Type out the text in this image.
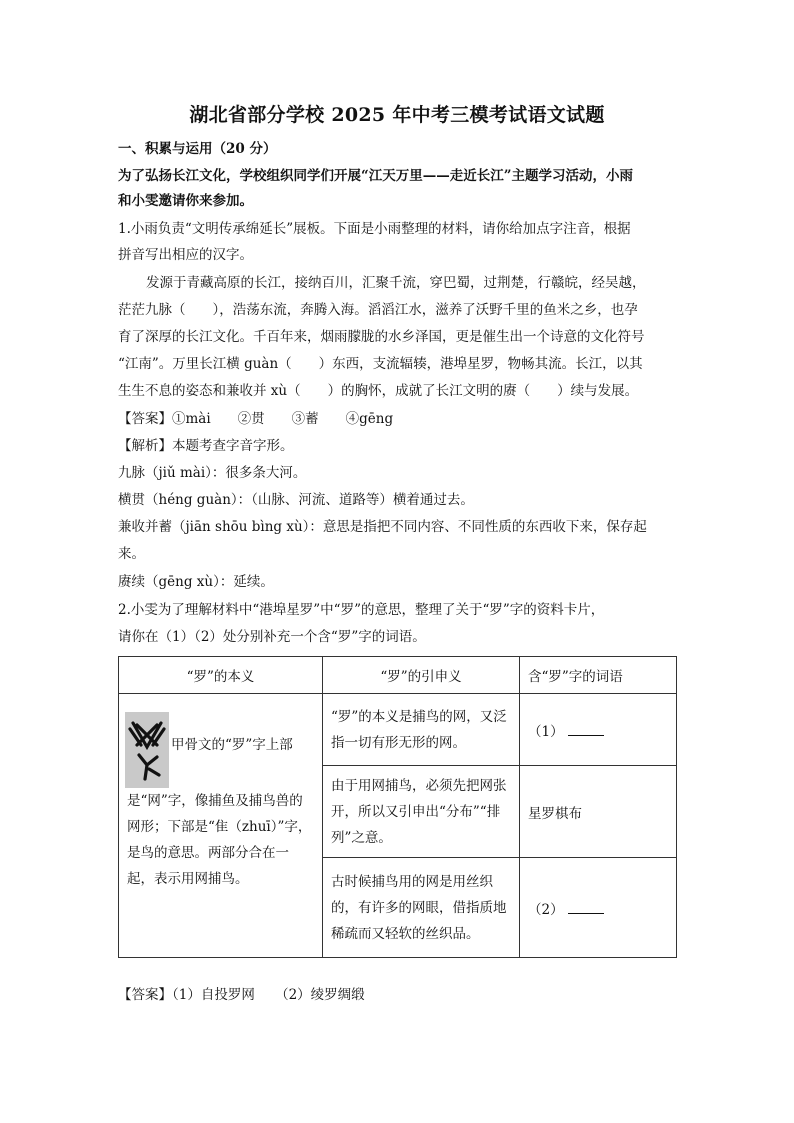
湖北省部分学校 2025 年中考三模考试语文试题
一、积累与运用（20 分）
为了弘扬长江文化，学校组织同学们开展“江天万里——走近长江”主题学习活动，小雨
和小雯邀请你来参加。
1.小雨负责“文明传承绵延长”展板。下面是小雨整理的材料，请你给加点字注音，根据
拼音写出相应的汉字。
发源于青藏高原的长江，接纳百川，汇聚千流，穿巴蜀，过荆楚，行赣皖，经吴越，
茫茫九脉（　　），浩荡东流，奔腾入海。滔滔江水，滋养了沃野千里的鱼米之乡，也孕
育了深厚的长江文化。千百年来，烟雨朦胧的水乡泽国，更是催生出一个诗意的文化符号
“江南”。万里长江横 guàn（　　）东西，支流辐辏，港埠星罗，物畅其流。长江，以其
生生不息的姿态和兼收并 xù（　　）的胸怀，成就了长江文明的赓（　　）续与发展。
【答案】①mài　　②贯　　③蓄　　④gēng
【解析】本题考查字音字形。
九脉（jiǔ mài）：很多条大河。
横贯（héng guàn）：（山脉、河流、道路等）横着通过去。
兼收并蓄（jiān shōu bìng xù）：意思是指把不同内容、不同性质的东西收下来，保存起
来。
赓续（gēng xù）：延续。
2.小雯为了理解材料中“港埠星罗”中“罗”的意思，整理了关于“罗”字的资料卡片，
请你在（1）（2）处分别补充一个含“罗”字的词语。
“罗”的本义	“罗”的引申义	含“罗”字的词语

甲骨文的“罗”字上部
是“网”字，像捕鱼及捕鸟兽的网形；下部是“隹（zhuī）”字，是鸟的意思。两部分合在一起，表示用网捕鸟。	“罗”的本义是捕鸟的网，又泛指一切有形无形的网。	（1）
	由于用网捕鸟，必须先把网张开，所以又引申出“分布”“排列”之意。	星罗棋布
	古时候捕鸟用的网是用丝织的，有许多的网眼，借指质地稀疏而又轻软的丝织品。	（2）
【答案】（1）自投罗网　　（2）绫罗绸缎
